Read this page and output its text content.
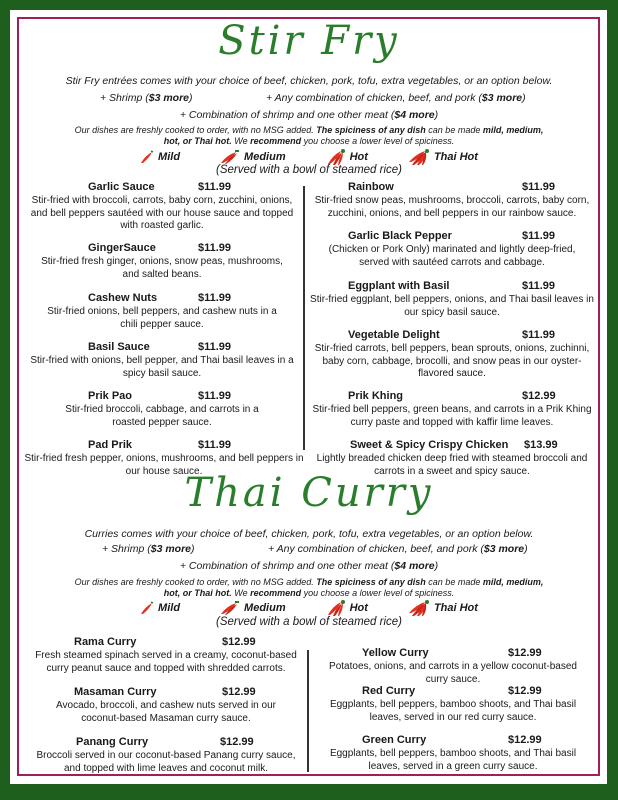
Stir Fry
Stir Fry entrées comes with your choice of beef, chicken, pork, tofu, extra vegetables, or an option below.
+ Shrimp ($3 more)	+ Any combination of chicken, beef, and pork ($3 more)
+ Combination of shrimp and one other meat ($4 more)
Our dishes are freshly cooked to order, with no MSG added. The spiciness of any dish can be made mild, medium,
hot, or Thai hot. We recommend you choose a lower level of spiciness.
Mild	Medium	Hot	Thai Hot
(Served with a bowl of steamed rice)
Garlic Sauce	$11.99
Stir-fried with broccoli, carrots, baby corn, zucchini, onions, and bell peppers sautéed with our house sauce and topped with roasted garlic.
GingerSauce	$11.99
Stir-fried fresh ginger, onions, snow peas, mushrooms, and salted beans.
Cashew Nuts	$11.99
Stir-fried onions, bell peppers, and cashew nuts in a chili pepper sauce.
Basil Sauce	$11.99
Stir-fried with onions, bell pepper, and Thai basil leaves in a spicy basil sauce.
Prik Pao	$11.99
Stir-fried broccoli, cabbage, and carrots in a roasted pepper sauce.
Pad Prik	$11.99
Stir-fried fresh pepper, onions, mushrooms, and bell peppers in our house sauce.
Rainbow	$11.99
Stir-fried snow peas, mushrooms, broccoli, carrots, baby corn, zucchini, onions, and bell peppers in our rainbow sauce.
Garlic Black Pepper	$11.99
(Chicken or Pork Only) marinated and lightly deep-fried, served with sautéed carrots and cabbage.
Eggplant with Basil	$11.99
Stir-fried eggplant, bell peppers, onions, and Thai basil leaves in our spicy basil sauce.
Vegetable Delight	$11.99
Stir-fried carrots, bell peppers, bean sprouts, onions, zuchinni, baby corn, cabbage, brocolli, and snow peas in our oyster-flavored sauce.
Prik Khing	$12.99
Stir-fried bell peppers, green beans, and carrots in a Prik Khing curry paste and topped with kaffir lime leaves.
Sweet & Spicy Crispy Chicken $13.99
Lightly breaded chicken deep fried with steamed broccoli and carrots in a sweet and spicy sauce.
Thai Curry
Curries comes with your choice of beef, chicken, pork, tofu, extra vegetables, or an option below.
+ Shrimp ($3 more)	+ Any combination of chicken, beef, and pork ($3 more)
+ Combination of shrimp and one other meat ($4 more)
Our dishes are freshly cooked to order, with no MSG added. The spiciness of any dish can be made mild, medium,
hot, or Thai hot. We recommend you choose a lower level of spiciness.
Mild	Medium	Hot	Thai Hot
(Served with a bowl of steamed rice)
Rama Curry	$12.99
Fresh steamed spinach served in a creamy, coconut-based curry peanut sauce and topped with shredded carrots.
Masaman Curry	$12.99
Avocado, broccoli, and cashew nuts served in our coconut-based Masaman curry sauce.
Panang Curry	$12.99
Broccoli served in our coconut-based Panang curry sauce, and topped with lime leaves and coconut milk.
Yellow Curry	$12.99
Potatoes, onions, and carrots in a yellow coconut-based curry sauce.
Red Curry	$12.99
Eggplants, bell peppers, bamboo shoots, and Thai basil leaves, served in our red curry sauce.
Green Curry	$12.99
Eggplants, bell peppers, bamboo shoots, and Thai basil leaves, served in a green curry sauce.
